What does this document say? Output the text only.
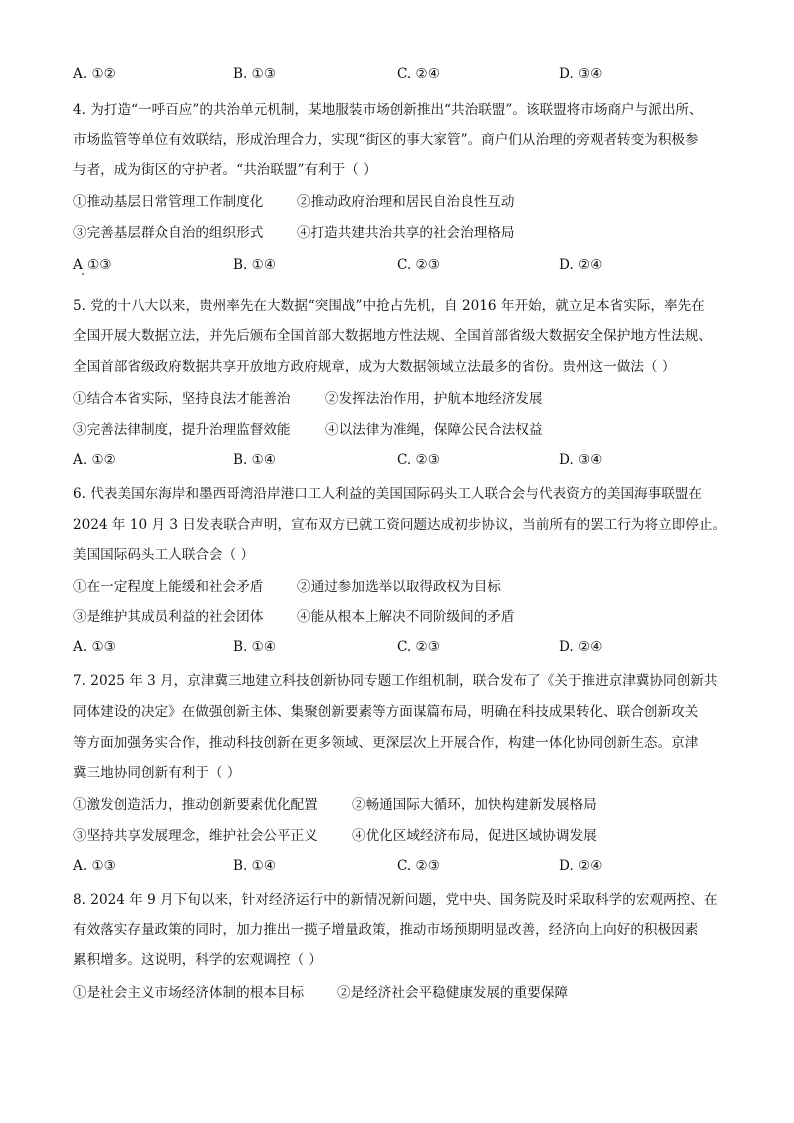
A. ①②	B. ①③	C. ②④	D. ③④
4. 为打造“一呼百应”的共治单元机制，某地服装市场创新推出“共治联盟”。该联盟将市场商户与派出所、
市场监管等单位有效联结，形成治理合力，实现“街区的事大家管”。商户们从治理的旁观者转变为积极参
与者，成为街区的守护者。“共治联盟”有利于（ ）
①推动基层日常管理工作制度化 ②推动政府治理和居民自治良性互动
③完善基层群众自治的组织形式 ④打造共建共治共享的社会治理格局
A ①③	B. ①④	C. ②③	D. ②④
5. 党的十八大以来，贵州率先在大数据“突围战”中抢占先机，自 2016 年开始，就立足本省实际，率先在
全国开展大数据立法，并先后颁布全国首部大数据地方性法规、全国首部省级大数据安全保护地方性法规、
全国首部省级政府数据共享开放地方政府规章，成为大数据领域立法最多的省份。贵州这一做法（ ）
①结合本省实际，坚持良法才能善治	②发挥法治作用，护航本地经济发展
③完善法律制度，提升治理监督效能	④以法律为准绳，保障公民合法权益
A. ①②	B. ①④	C. ②③	D. ③④
6. 代表美国东海岸和墨西哥湾沿岸港口工人利益的美国国际码头工人联合会与代表资方的美国海事联盟在
2024 年 10 月 3 日发表联合声明，宣布双方已就工资问题达成初步协议，当前所有的罢工行为将立即停止。
美国国际码头工人联合会（ ）
①在一定程度上能缓和社会矛盾 ②通过参加选举以取得政权为目标
③是维护其成员利益的社会团体 ④能从根本上解决不同阶级间的矛盾
A. ①③	B. ①④	C. ②③	D. ②④
7. 2025 年 3 月，京津冀三地建立科技创新协同专题工作组机制，联合发布了《关于推进京津冀协同创新共
同体建设的决定》在做强创新主体、集聚创新要素等方面谋篇布局，明确在科技成果转化、联合创新攻关
等方面加强务实合作，推动科技创新在更多领域、更深层次上开展合作，构建一体化协同创新生态。京津
冀三地协同创新有利于（ ）
①激发创造活力，推动创新要素优化配置	②畅通国际大循环，加快构建新发展格局
③坚持共享发展理念，维护社会公平正义	④优化区域经济布局，促进区域协调发展
A. ①③	B. ①④	C. ②③	D. ②④
8. 2024 年 9 月下旬以来，针对经济运行中的新情况新问题，党中央、国务院及时采取科学的宏观两控、在
有效落实存量政策的同时，加力推出一揽子增量政策，推动市场预期明显改善，经济向上向好的积极因素
累积增多。这说明，科学的宏观调控（ ）
①是社会主义市场经济体制的根本目标 ②是经济社会平稳健康发展的重要保障
